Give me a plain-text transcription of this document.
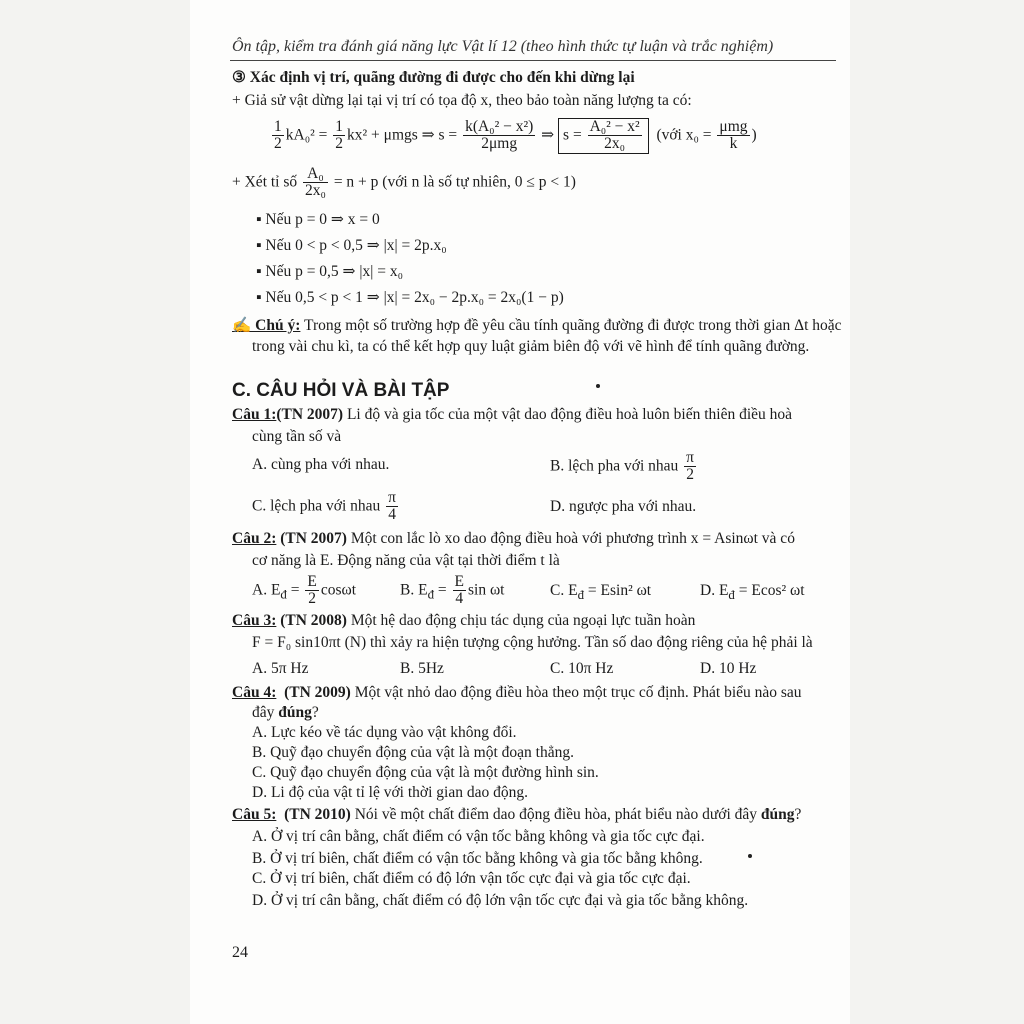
Ôn tập, kiểm tra đánh giá năng lực Vật lí 12 (theo hình thức tự luận và trắc nghiệm)
③ Xác định vị trí, quãng đường đi được cho đến khi dừng lại
+ Giả sử vật dừng lại tại vị trí có tọa độ x, theo bảo toàn năng lượng ta có:
$\frac{1}{2} kA_0^2 = \frac{1}{2} kx^2 + \mu mgs$ ⇒ $s = \frac{\text{k(A₀² − x²)}}{\text{2μmg}}$ ⇒ $s = \frac{\text{A₀² − x²}}{\text{2x₀}}$ (với $x_0 = \frac{\text{μmg}}{k}$ )
+ Xét tỉ số $\frac{\text{A₀}}{\text{2x₀}} = n + p$ (với n là số tự nhiên, 0 ≤ p < 1)
▪ Nếu p = 0 ⇒ x = 0
▪ Nếu 0 < p < 0,5 ⇒ |x| = 2p.x₀
▪ Nếu p = 0,5 ⇒ |x| = x₀
▪ Nếu 0,5 < p < 1 ⇒ |x| = 2x₀ − 2p.x₀ = 2x₀(1 − p)
✍ Chú ý: Trong một số trường hợp đề yêu cầu tính quãng đường đi được trong thời gian Δt hoặc
trong vài chu kì, ta có thể kết hợp quy luật giảm biên độ với vẽ hình để tính quãng đường.
C. CÂU HỎI VÀ BÀI TẬP
Câu 1:(TN 2007) Li độ và gia tốc của một vật dao động điều hoà luôn biến thiên điều hoà
cùng tần số và
A. cùng pha với nhau.	B. lệch pha với nhau $\frac{\pi}{2}$
C. lệch pha với nhau $\frac{\pi}{4}$	D. ngược pha với nhau.
Câu 2: (TN 2007) Một con lắc lò xo dao động điều hoà với phương trình x = Asinωt và có
cơ năng là E. Động năng của vật tại thời điểm t là
A. $E_đ = \frac{E}{2}$ cosωt	B. $E_đ = \frac{E}{4}$ sin ωt	C. $E_đ = Esin^2$ ωt	D. $E_đ = Ecos^2$ ωt
Câu 3: (TN 2008) Một hệ dao động chịu tác dụng của ngoại lực tuần hoàn
F = F₀ sin10πt (N) thì xảy ra hiện tượng cộng hưởng. Tần số dao động riêng của hệ phải là
A. 5π Hz	B. 5Hz	C. 10π Hz	D. 10 Hz
Câu 4: (TN 2009) Một vật nhỏ dao động điều hòa theo một trục cố định. Phát biểu nào sau
đây đúng?
A. Lực kéo về tác dụng vào vật không đổi.
B. Quỹ đạo chuyển động của vật là một đoạn thẳng.
C. Quỹ đạo chuyển động của vật là một đường hình sin.
D. Li độ của vật tỉ lệ với thời gian dao động.
Câu 5: (TN 2010) Nói về một chất điểm dao động điều hòa, phát biểu nào dưới đây đúng?
A. Ở vị trí cân bằng, chất điểm có vận tốc bằng không và gia tốc cực đại.
B. Ở vị trí biên, chất điểm có vận tốc bằng không và gia tốc bằng không.
C. Ở vị trí biên, chất điểm có độ lớn vận tốc cực đại và gia tốc cực đại.
D. Ở vị trí cân bằng, chất điểm có độ lớn vận tốc cực đại và gia tốc bằng không.
24
